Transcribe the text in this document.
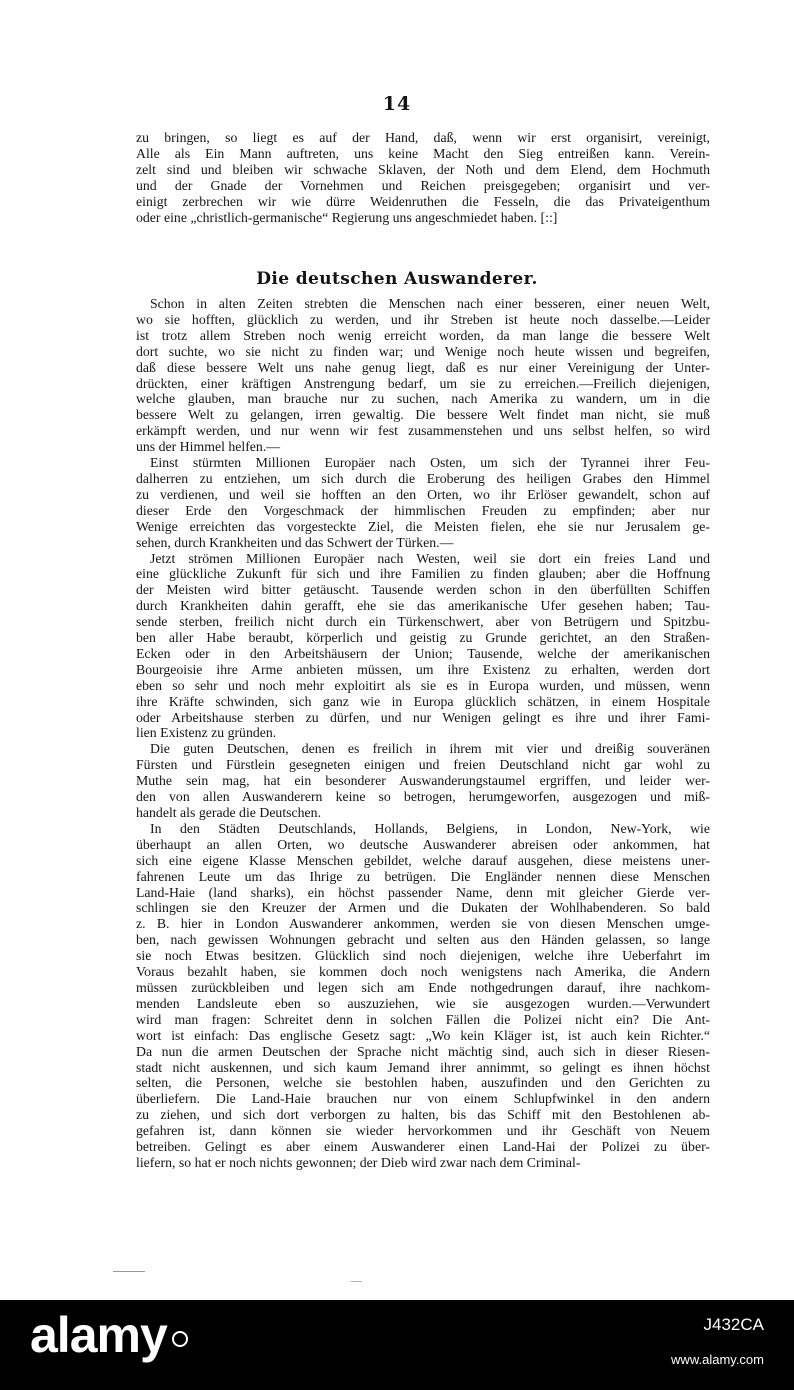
14
zu bringen, so liegt es auf der Hand, daß, wenn wir erst organisirt, vereinigt,
Alle als Ein Mann auftreten, uns keine Macht den Sieg entreißen kann. Verein-
zelt sind und bleiben wir schwache Sklaven, der Noth und dem Elend, dem Hochmuth
und der Gnade der Vornehmen und Reichen preisgegeben; organisirt und ver-
einigt zerbrechen wir wie dürre Weidenruthen die Fesseln, die das Privateigenthum
oder eine „christlich-germanische“ Regierung uns angeschmiedet haben. [::]
Die deutschen Auswanderer.
Schon in alten Zeiten strebten die Menschen nach einer besseren, einer neuen Welt,
wo sie hofften, glücklich zu werden, und ihr Streben ist heute noch dasselbe.—Leider
ist trotz allem Streben noch wenig erreicht worden, da man lange die bessere Welt
dort suchte, wo sie nicht zu finden war; und Wenige noch heute wissen und begreifen,
daß diese bessere Welt uns nahe genug liegt, daß es nur einer Vereinigung der Unter-
drückten, einer kräftigen Anstrengung bedarf, um sie zu erreichen.—Freilich diejenigen,
welche glauben, man brauche nur zu suchen, nach Amerika zu wandern, um in die
bessere Welt zu gelangen, irren gewaltig. Die bessere Welt findet man nicht, sie muß
erkämpft werden, und nur wenn wir fest zusammenstehen und uns selbst helfen, so wird
uns der Himmel helfen.—
Einst stürmten Millionen Europäer nach Osten, um sich der Tyrannei ihrer Feu-
dalherren zu entziehen, um sich durch die Eroberung des heiligen Grabes den Himmel
zu verdienen, und weil sie hofften an den Orten, wo ihr Erlöser gewandelt, schon auf
dieser Erde den Vorgeschmack der himmlischen Freuden zu empfinden; aber nur
Wenige erreichten das vorgesteckte Ziel, die Meisten fielen, ehe sie nur Jerusalem ge-
sehen, durch Krankheiten und das Schwert der Türken.—
Jetzt strömen Millionen Europäer nach Westen, weil sie dort ein freies Land und
eine glückliche Zukunft für sich und ihre Familien zu finden glauben; aber die Hoffnung
der Meisten wird bitter getäuscht. Tausende werden schon in den überfüllten Schiffen
durch Krankheiten dahin gerafft, ehe sie das amerikanische Ufer gesehen haben; Tau-
sende sterben, freilich nicht durch ein Türkenschwert, aber von Betrügern und Spitzbu-
ben aller Habe beraubt, körperlich und geistig zu Grunde gerichtet, an den Straßen-
Ecken oder in den Arbeitshäusern der Union; Tausende, welche der amerikanischen
Bourgeoisie ihre Arme anbieten müssen, um ihre Existenz zu erhalten, werden dort
eben so sehr und noch mehr exploitirt als sie es in Europa wurden, und müssen, wenn
ihre Kräfte schwinden, sich ganz wie in Europa glücklich schätzen, in einem Hospitale
oder Arbeitshause sterben zu dürfen, und nur Wenigen gelingt es ihre und ihrer Fami-
lien Existenz zu gründen.
Die guten Deutschen, denen es freilich in ihrem mit vier und dreißig souveränen
Fürsten und Fürstlein gesegneten einigen und freien Deutschland nicht gar wohl zu
Muthe sein mag, hat ein besonderer Auswanderungstaumel ergriffen, und leider wer-
den von allen Auswanderern keine so betrogen, herumgeworfen, ausgezogen und miß-
handelt als gerade die Deutschen.
In den Städten Deutschlands, Hollands, Belgiens, in London, New-York, wie
überhaupt an allen Orten, wo deutsche Auswanderer abreisen oder ankommen, hat
sich eine eigene Klasse Menschen gebildet, welche darauf ausgehen, diese meistens uner-
fahrenen Leute um das Ihrige zu betrügen. Die Engländer nennen diese Menschen
Land-Haie (land sharks), ein höchst passender Name, denn mit gleicher Gierde ver-
schlingen sie den Kreuzer der Armen und die Dukaten der Wohlhabenderen. So bald
z. B. hier in London Auswanderer ankommen, werden sie von diesen Menschen umge-
ben, nach gewissen Wohnungen gebracht und selten aus den Händen gelassen, so lange
sie noch Etwas besitzen. Glücklich sind noch diejenigen, welche ihre Ueberfahrt im
Voraus bezahlt haben, sie kommen doch noch wenigstens nach Amerika, die Andern
müssen zurückbleiben und legen sich am Ende nothgedrungen darauf, ihre nachkom-
menden Landsleute eben so auszuziehen, wie sie ausgezogen wurden.—Verwundert
wird man fragen: Schreitet denn in solchen Fällen die Polizei nicht ein? Die Ant-
wort ist einfach: Das englische Gesetz sagt: „Wo kein Kläger ist, ist auch kein Richter.“
Da nun die armen Deutschen der Sprache nicht mächtig sind, auch sich in dieser Riesen-
stadt nicht auskennen, und sich kaum Jemand ihrer annimmt, so gelingt es ihnen höchst
selten, die Personen, welche sie bestohlen haben, auszufinden und den Gerichten zu
überliefern. Die Land-Haie brauchen nur von einem Schlupfwinkel in den andern
zu ziehen, und sich dort verborgen zu halten, bis das Schiff mit den Bestohlenen ab-
gefahren ist, dann können sie wieder hervorkommen und ihr Geschäft von Neuem
betreiben. Gelingt es aber einem Auswanderer einen Land-Hai der Polizei zu über-
liefern, so hat er noch nichts gewonnen; der Dieb wird zwar nach dem Criminal-
alamy	J432CA
www.alamy.com
